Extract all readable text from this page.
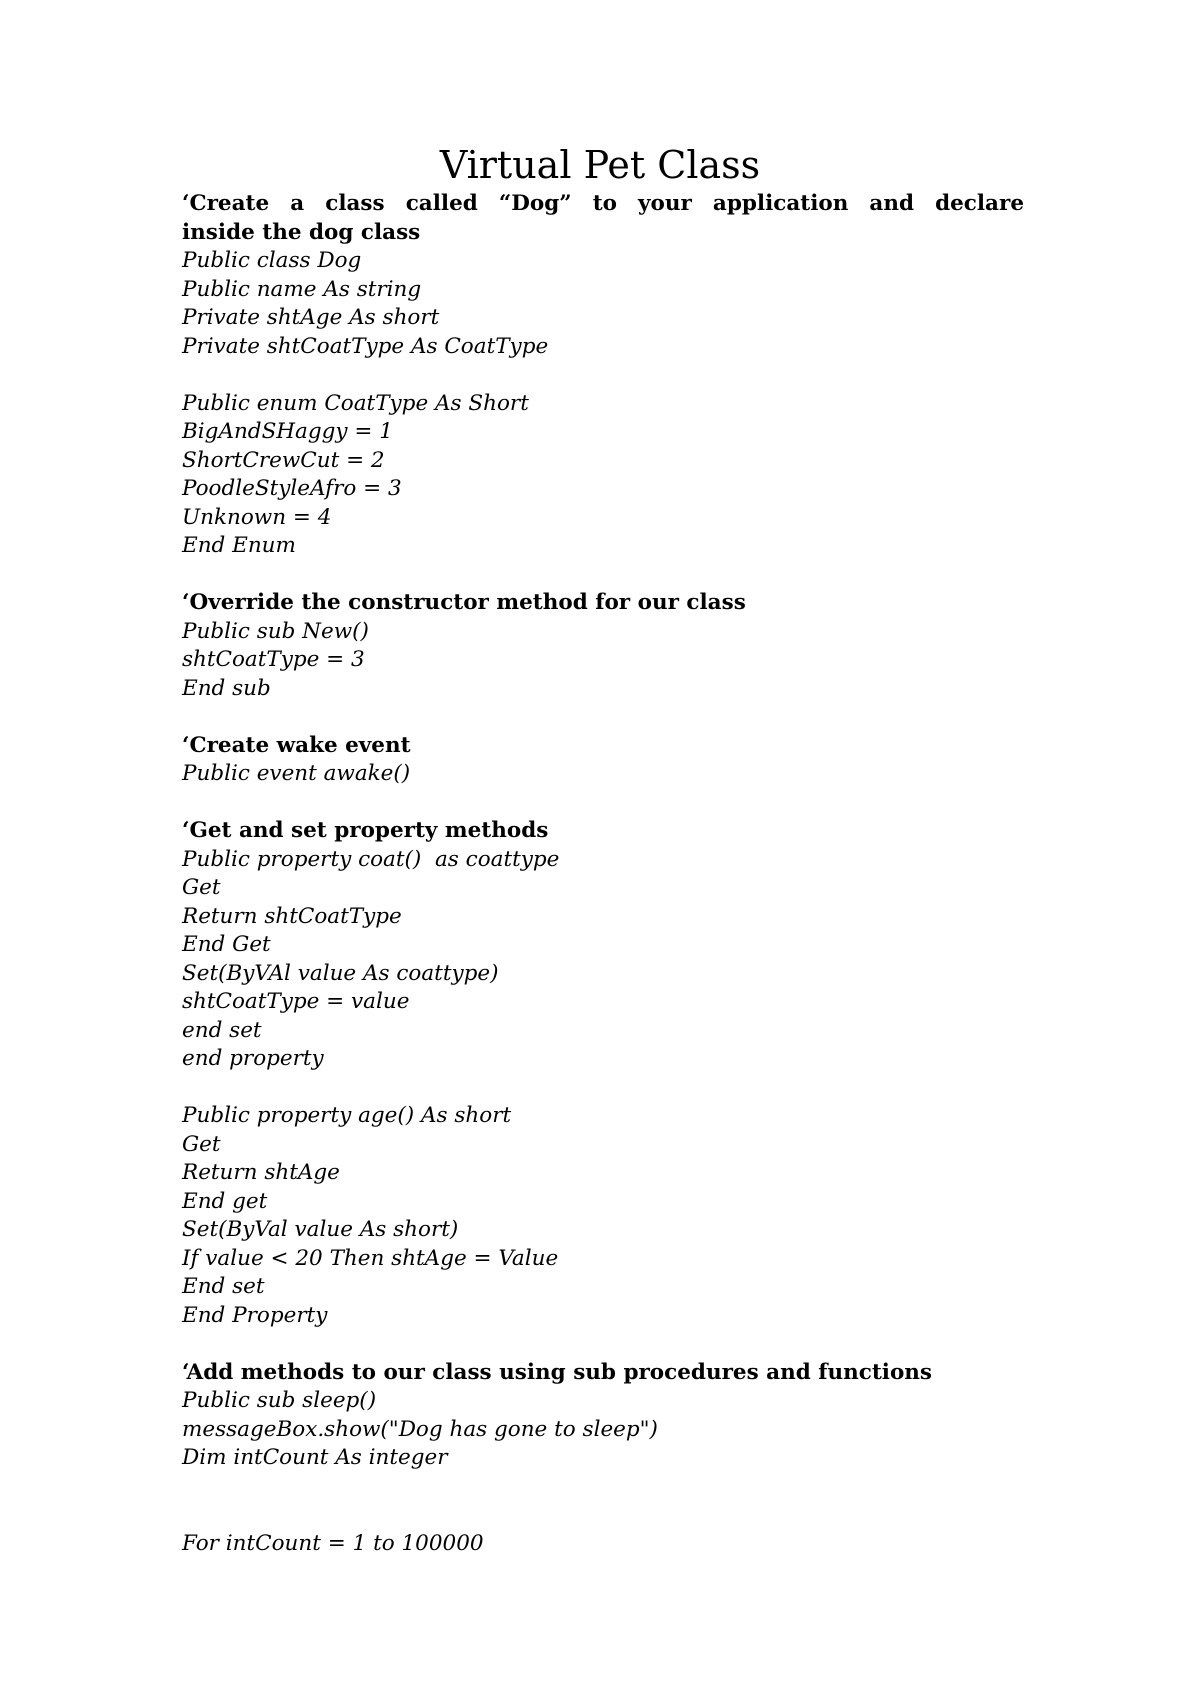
Virtual Pet Class
‘Create a class called “Dog” to your application and declare
inside the dog class
Public class Dog
Public name As string
Private shtAge As short
Private shtCoatType As CoatType
Public enum CoatType As Short
BigAndSHaggy = 1
ShortCrewCut = 2
PoodleStyleAfro = 3
Unknown = 4
End Enum
‘Override the constructor method for our class
Public sub New()
shtCoatType = 3
End sub
‘Create wake event
Public event awake()
‘Get and set property methods
Public property coat()  as coattype
Get
Return shtCoatType
End Get
Set(ByVAl value As coattype)
shtCoatType = value
end set
end property
Public property age() As short
Get
Return shtAge
End get
Set(ByVal value As short)
If value < 20 Then shtAge = Value
End set
End Property
‘Add methods to our class using sub procedures and functions
Public sub sleep()
messageBox.show("Dog has gone to sleep")
Dim intCount As integer
For intCount = 1 to 100000
